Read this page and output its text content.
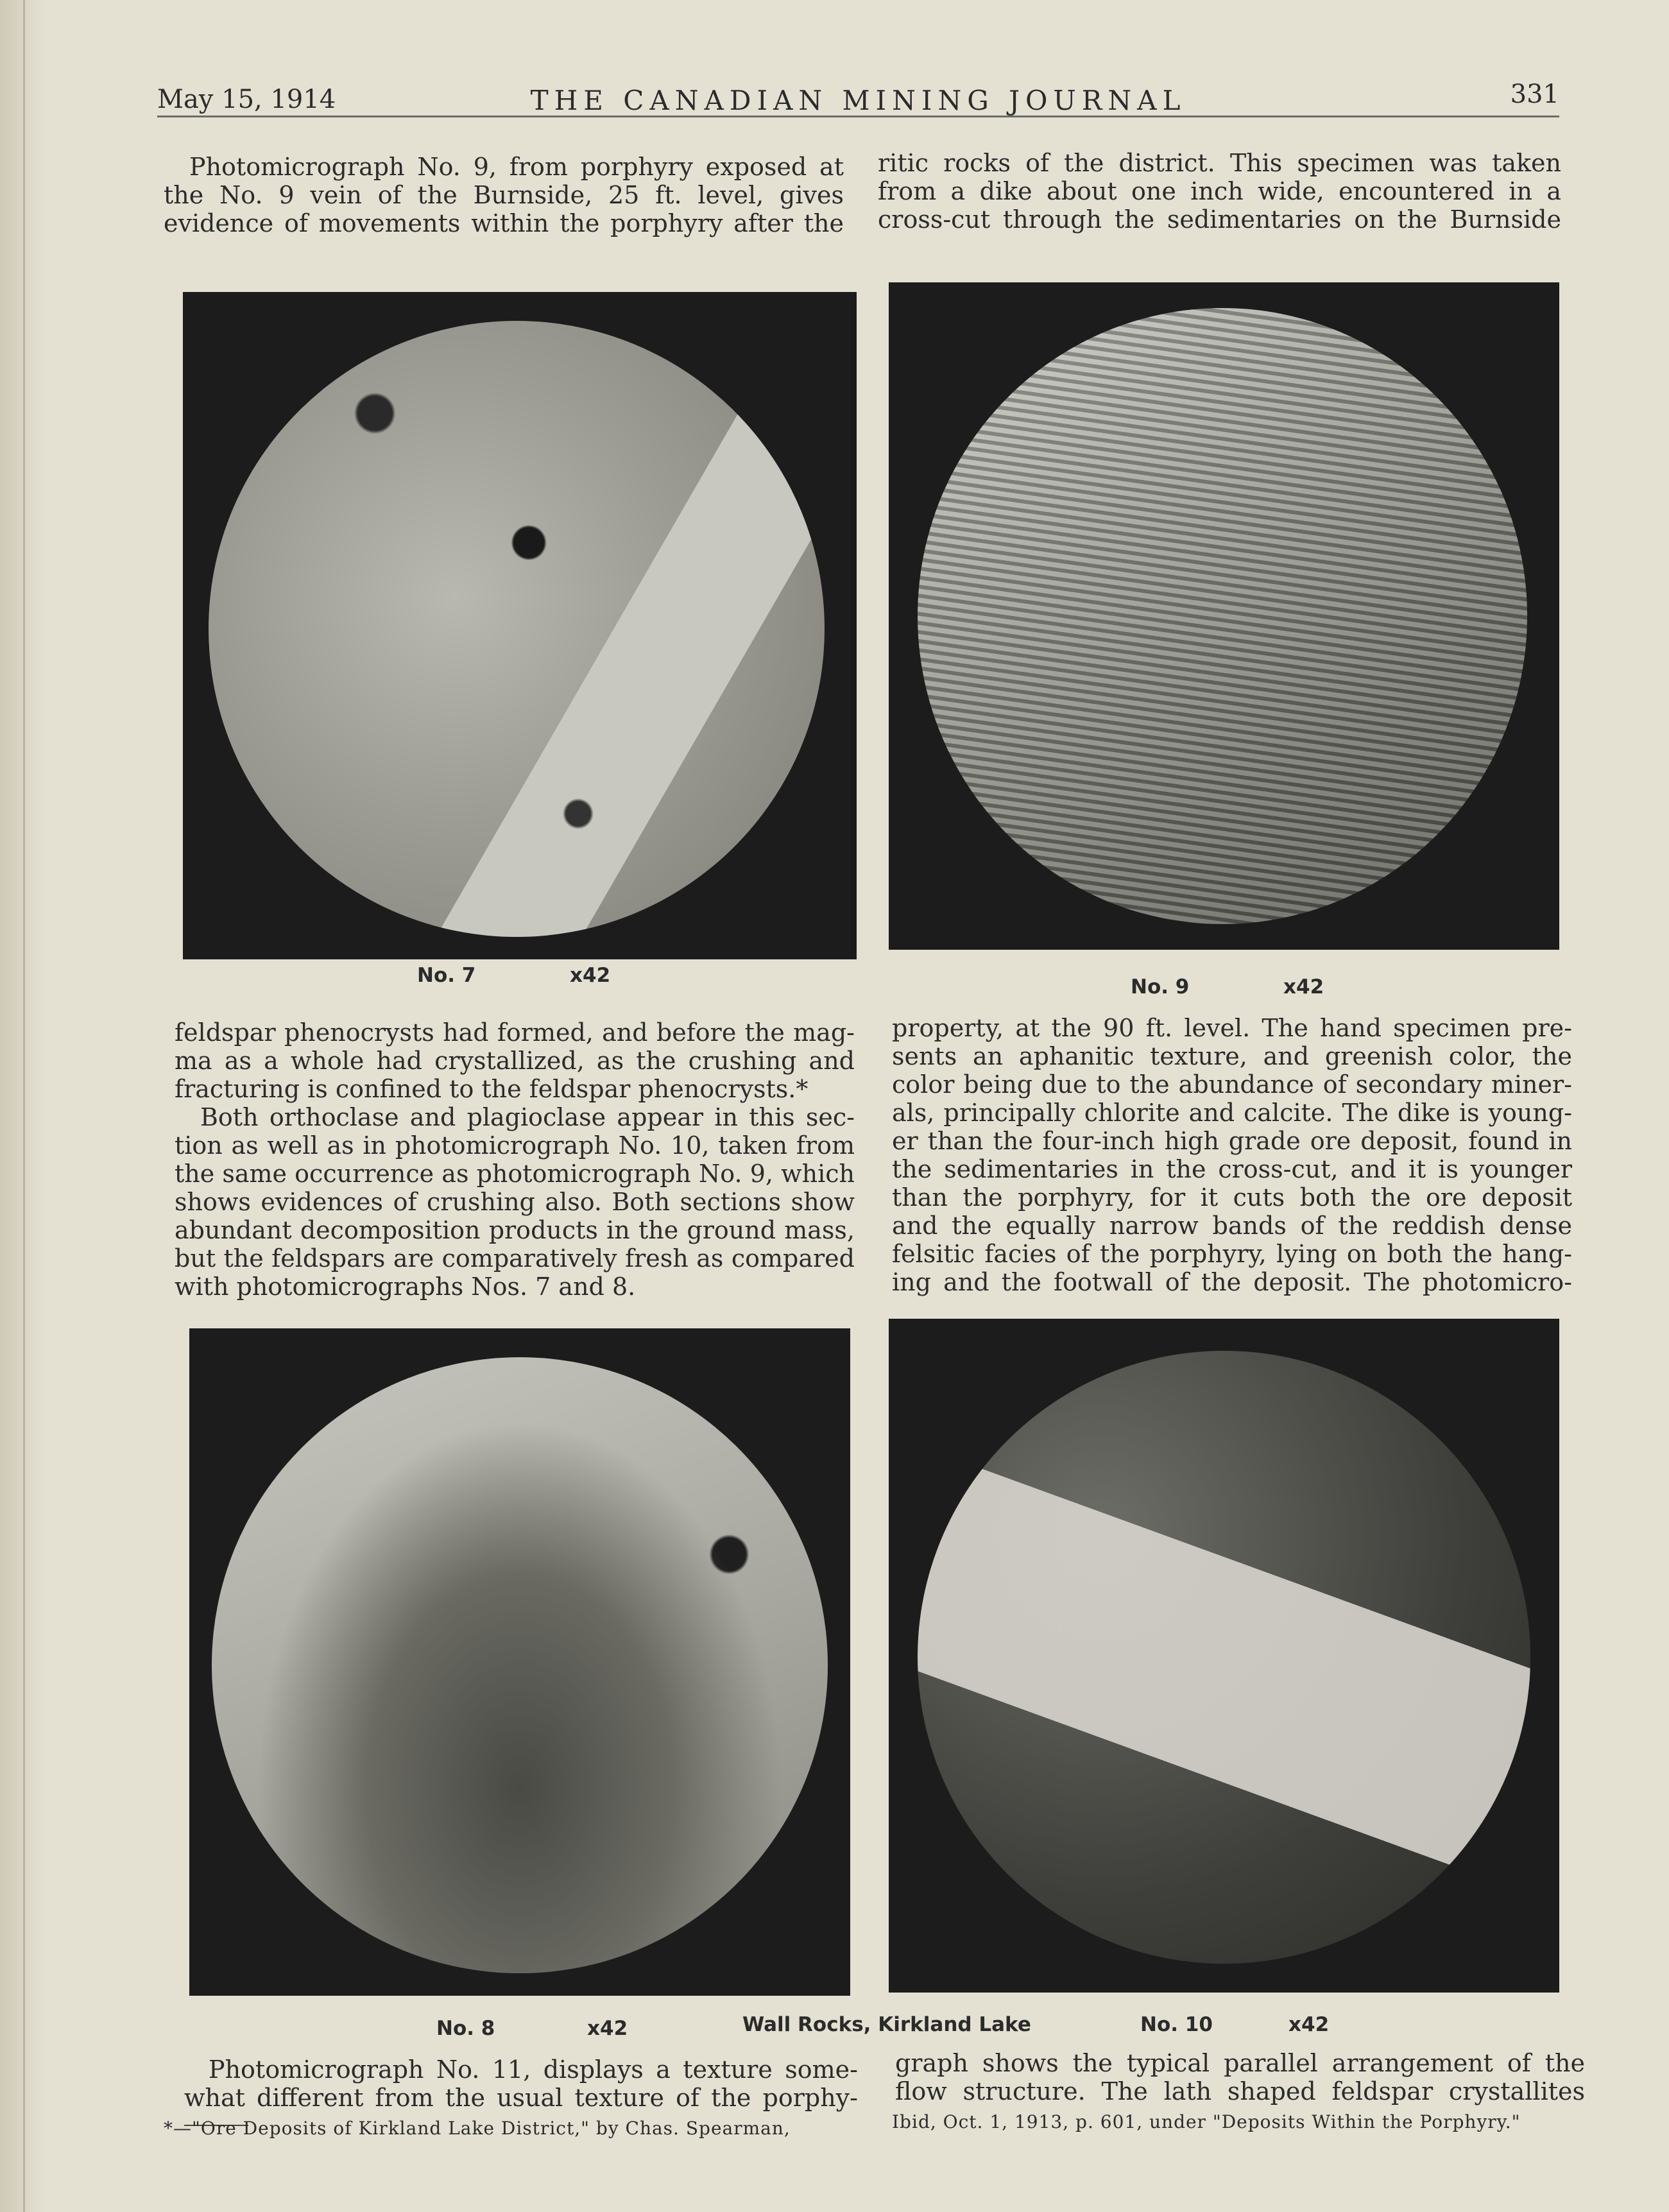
May 15, 1914	THE CANADIAN MINING JOURNAL	331

Photomicrograph No. 9, from porphyry exposed at
the No. 9 vein of the Burnside, 25 ft. level, gives
evidence of movements within the porphyry after the

ritic rocks of the district. This specimen was taken
from a dike about one inch wide, encountered in a
cross-cut through the sedimentaries on the Burnside

No. 7	x42	No. 9	x42
feldspar phenocrysts had formed, and before the mag-
ma as a whole had crystallized, as the crushing and
fracturing is confined to the feldspar phenocrysts.*
Both orthoclase and plagioclase appear in this sec-
tion as well as in photomicrograph No. 10, taken from
the same occurrence as photomicrograph No. 9, which
shows evidences of crushing also. Both sections show
abundant decomposition products in the ground mass,
but the feldspars are comparatively fresh as compared
with photomicrographs Nos. 7 and 8.
property, at the 90 ft. level. The hand specimen pre-
sents an aphanitic texture, and greenish color, the
color being due to the abundance of secondary miner-
als, principally chlorite and calcite. The dike is young-
er than the four-inch high grade ore deposit, found in
the sedimentaries in the cross-cut, and it is younger
than the porphyry, for it cuts both the ore deposit
and the equally narrow bands of the reddish dense
felsitic facies of the porphyry, lying on both the hang-
ing and the footwall of the deposit. The photomicro-
No. 8	x42	Wall Rocks, Kirkland Lake	No. 10	x42

Photomicrograph No. 11, displays a texture some-
what different from the usual texture of the porphy-

graph shows the typical parallel arrangement of the
flow structure. The lath shaped feldspar crystallites

*—"Ore Deposits of Kirkland Lake District," by Chas. Spearman,	Ibid, Oct. 1, 1913, p. 601, under "Deposits Within the Porphyry."
